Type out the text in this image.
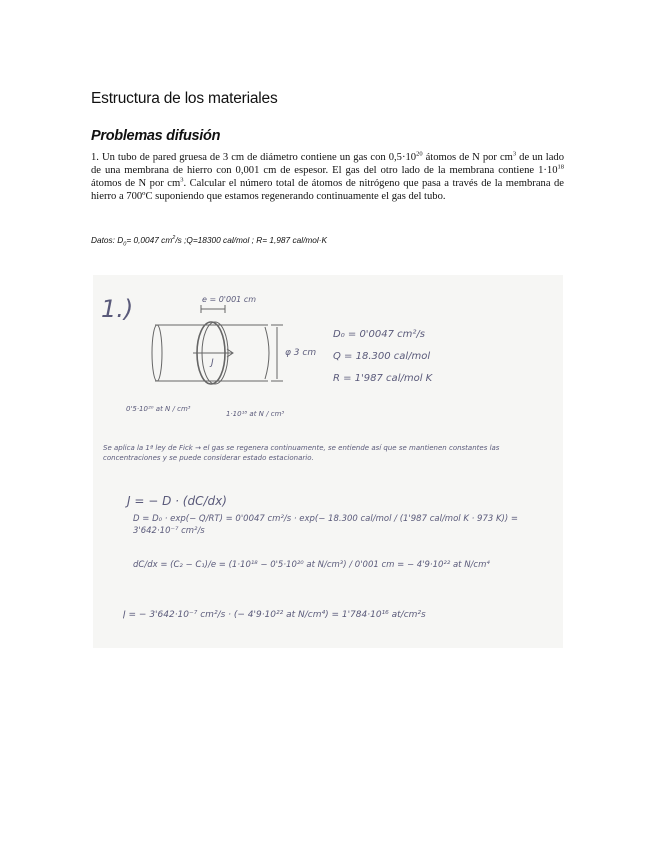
Estructura de los materiales
Problemas difusión
1. Un tubo de pared gruesa de 3 cm de diámetro contiene un gas con $0,5\cdot 10^{20}$ átomos de N por $cm^3$ de un lado de una membrana de hierro con 0,001 cm de espesor. El gas del otro lado de la membrana contiene $1\cdot 10^{18}$ átomos de N por $cm^3$. Calcular el número total de átomos de nitrógeno que pasa a través de la membrana de hierro a 700ºC suponiendo que estamos regenerando continuamente el gas del tubo.
Datos: $D_0= 0,0047$ $cm^2/s$ ;Q=18300 cal/mol ; R= 1,987 cal/mol·K
1.)	e = 0'001 cm
J
0'5·10²⁰ at N / cm³
1·10¹⁸ at N / cm³
φ 3 cm
D₀ = 0'0047 cm²/s
Q = 18.300 cal/mol
R = 1'987 cal/mol K
Se aplica la 1ª ley de Fick → el gas se regenera continuamente, se entiende así que se mantienen constantes las concentraciones y se puede considerar estado estacionario.
J = − D · (dC/dx)
D = D₀ · exp(− Q/RT) = 0'0047 cm²/s · exp(− 18.300 cal/mol / (1'987 cal/mol K · 973 K)) = 3'642·10⁻⁷ cm²/s
dC/dx = (C₂ − C₁)/e = (1·10¹⁸ − 0'5·10²⁰ at N/cm³) / 0'001 cm = − 4'9·10²² at N/cm⁴
J = − 3'642·10⁻⁷ cm²/s · (− 4'9·10²² at N/cm⁴) = 1'784·10¹⁶ at/cm²s
